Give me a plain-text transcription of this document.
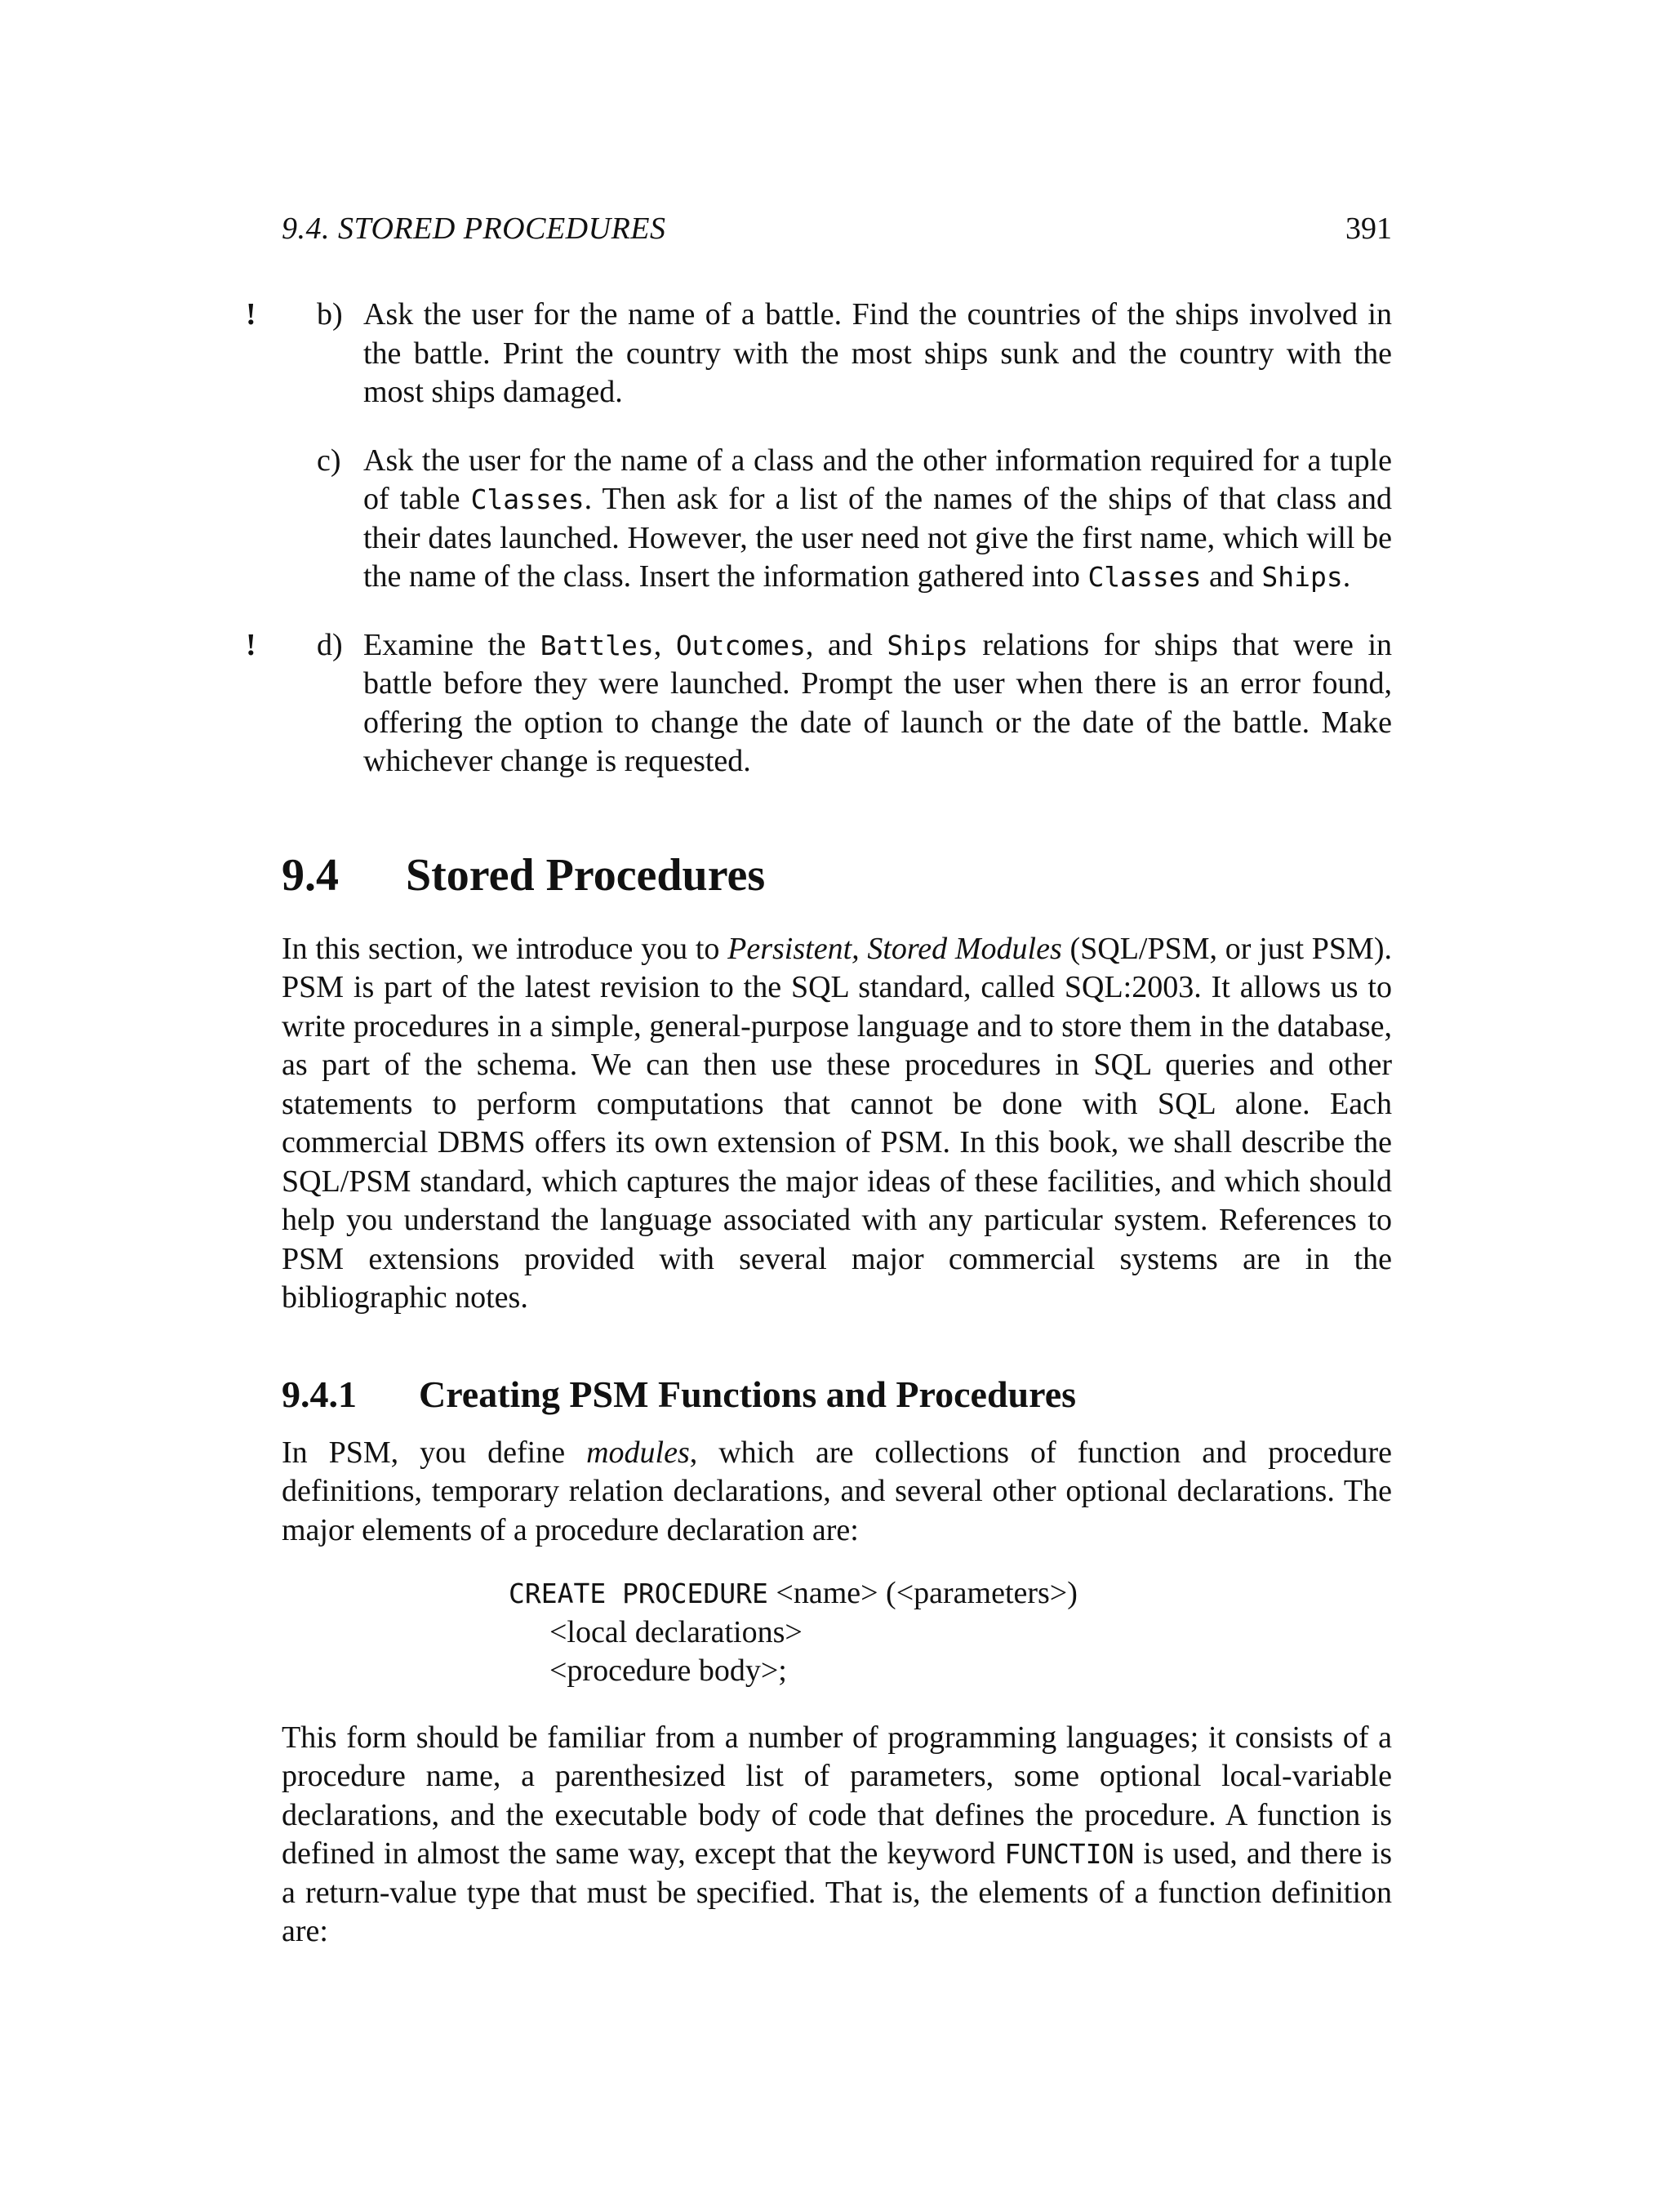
9.4. STORED PROCEDURES	391
! b) Ask the user for the name of a battle. Find the countries of the ships involved in the battle. Print the country with the most ships sunk and the country with the most ships damaged.
c) Ask the user for the name of a class and the other information required for a tuple of table Classes. Then ask for a list of the names of the ships of that class and their dates launched. However, the user need not give the first name, which will be the name of the class. Insert the information gathered into Classes and Ships.
! d) Examine the Battles, Outcomes, and Ships relations for ships that were in battle before they were launched. Prompt the user when there is an error found, offering the option to change the date of launch or the date of the battle. Make whichever change is requested.
9.4 Stored Procedures

In this section, we introduce you to Persistent, Stored Modules (SQL/PSM, or just PSM). PSM is part of the latest revision to the SQL standard, called SQL:2003. It allows us to write procedures in a simple, general-purpose language and to store them in the database, as part of the schema. We can then use these procedures in SQL queries and other statements to perform computations that cannot be done with SQL alone. Each commercial DBMS offers its own extension of PSM. In this book, we shall describe the SQL/PSM standard, which captures the major ideas of these facilities, and which should help you understand the language associated with any particular system. References to PSM extensions provided with several major commercial systems are in the bibliographic notes.

9.4.1 Creating PSM Functions and Procedures

In PSM, you define modules, which are collections of function and procedure definitions, temporary relation declarations, and several other optional declarations. The major elements of a procedure declaration are:

CREATE PROCEDURE <name> (<parameters>)
<local declarations>
<procedure body>;

This form should be familiar from a number of programming languages; it consists of a procedure name, a parenthesized list of parameters, some optional local-variable declarations, and the executable body of code that defines the procedure. A function is defined in almost the same way, except that the keyword FUNCTION is used, and there is a return-value type that must be specified. That is, the elements of a function definition are:
